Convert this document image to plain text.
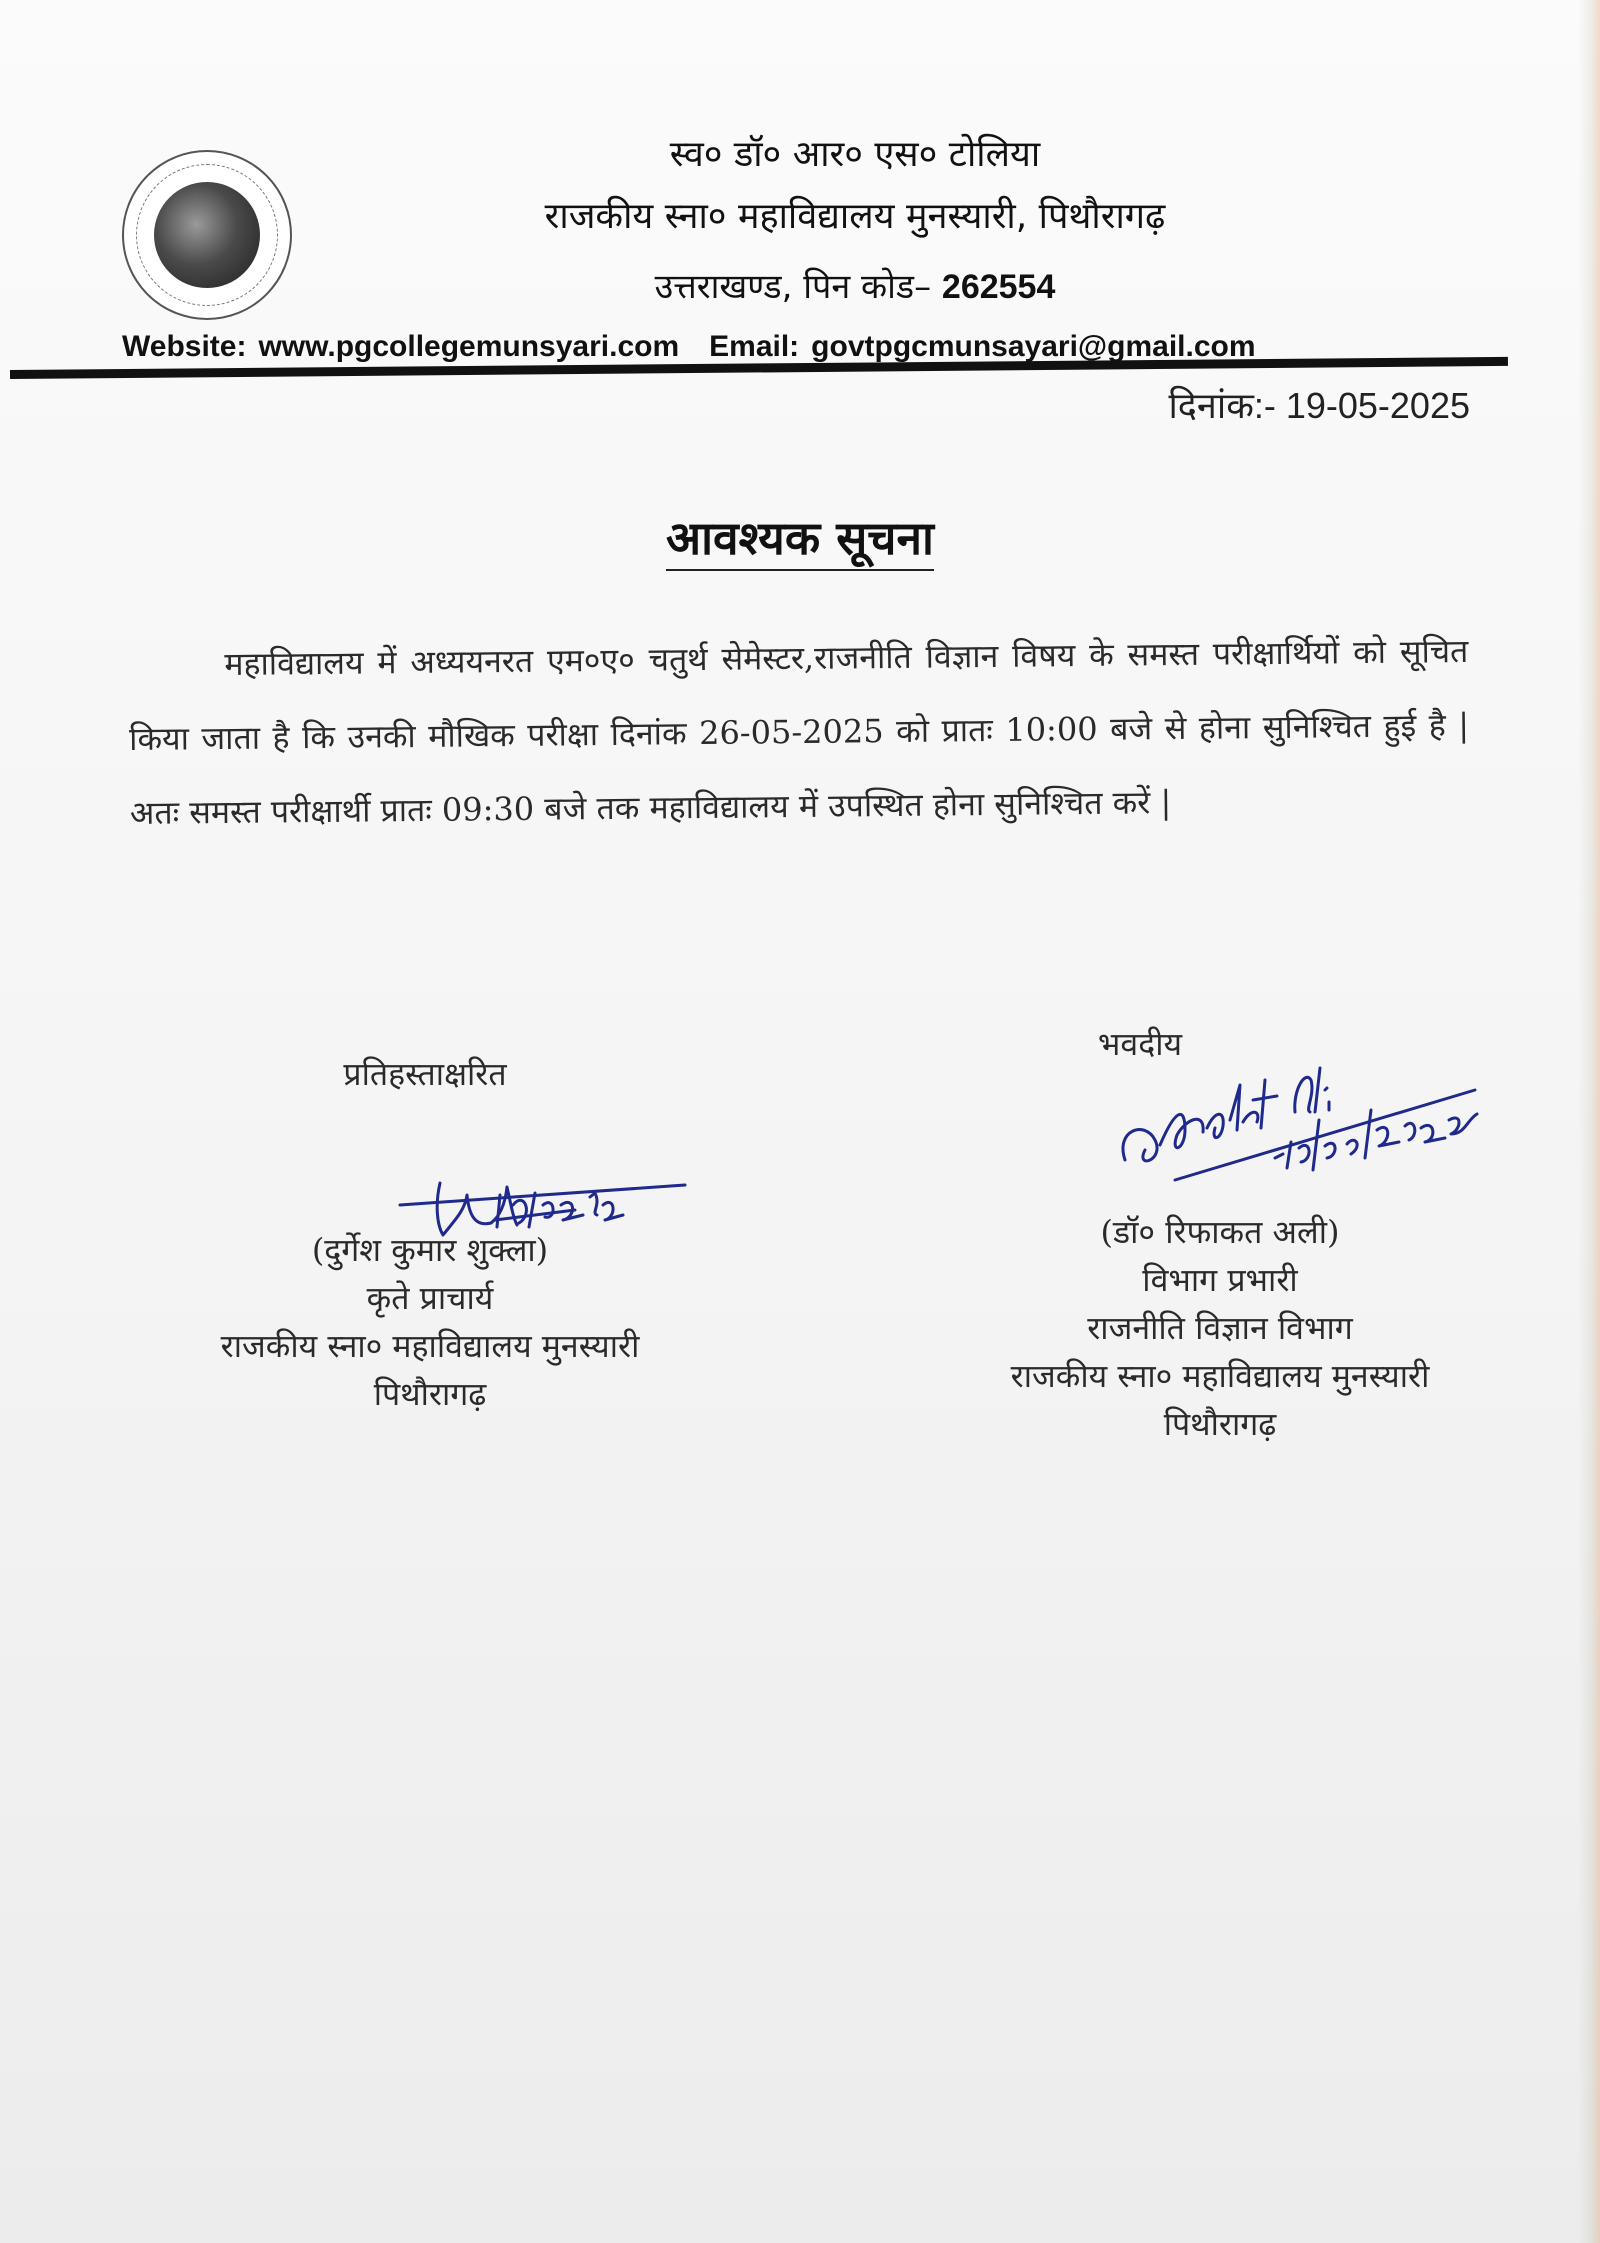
स्व० डॉ० आर० एस० टोलिया
राजकीय स्ना० महाविद्यालय मुनस्यारी, पिथौरागढ़
उत्तराखण्ड, पिन कोड– 262554
Website: www.pgcollegemunsyari.com Email: govtpgcmunsayari@gmail.com
दिनांक:- 19-05-2025
आवश्यक सूचना
महाविद्यालय में अध्ययनरत एम०ए० चतुर्थ सेमेस्टर,राजनीति विज्ञान विषय के समस्त परीक्षार्थियों को सूचित किया जाता है कि उनकी मौखिक परीक्षा दिनांक 26-05-2025 को प्रातः 10:00 बजे से होना सुनिश्चित हुई है | अतः समस्त परीक्षार्थी प्रातः 09:30 बजे तक महाविद्यालय में उपस्थित होना सुनिश्चित करें |
प्रतिहस्ताक्षरित
(दुर्गेश कुमार शुक्ला)
कृते प्राचार्य
राजकीय स्ना० महाविद्यालय मुनस्यारी
पिथौरागढ़
भवदीय
(डॉ० रिफाकत अली)
विभाग प्रभारी
राजनीति विज्ञान विभाग
राजकीय स्ना० महाविद्यालय मुनस्यारी
पिथौरागढ़
